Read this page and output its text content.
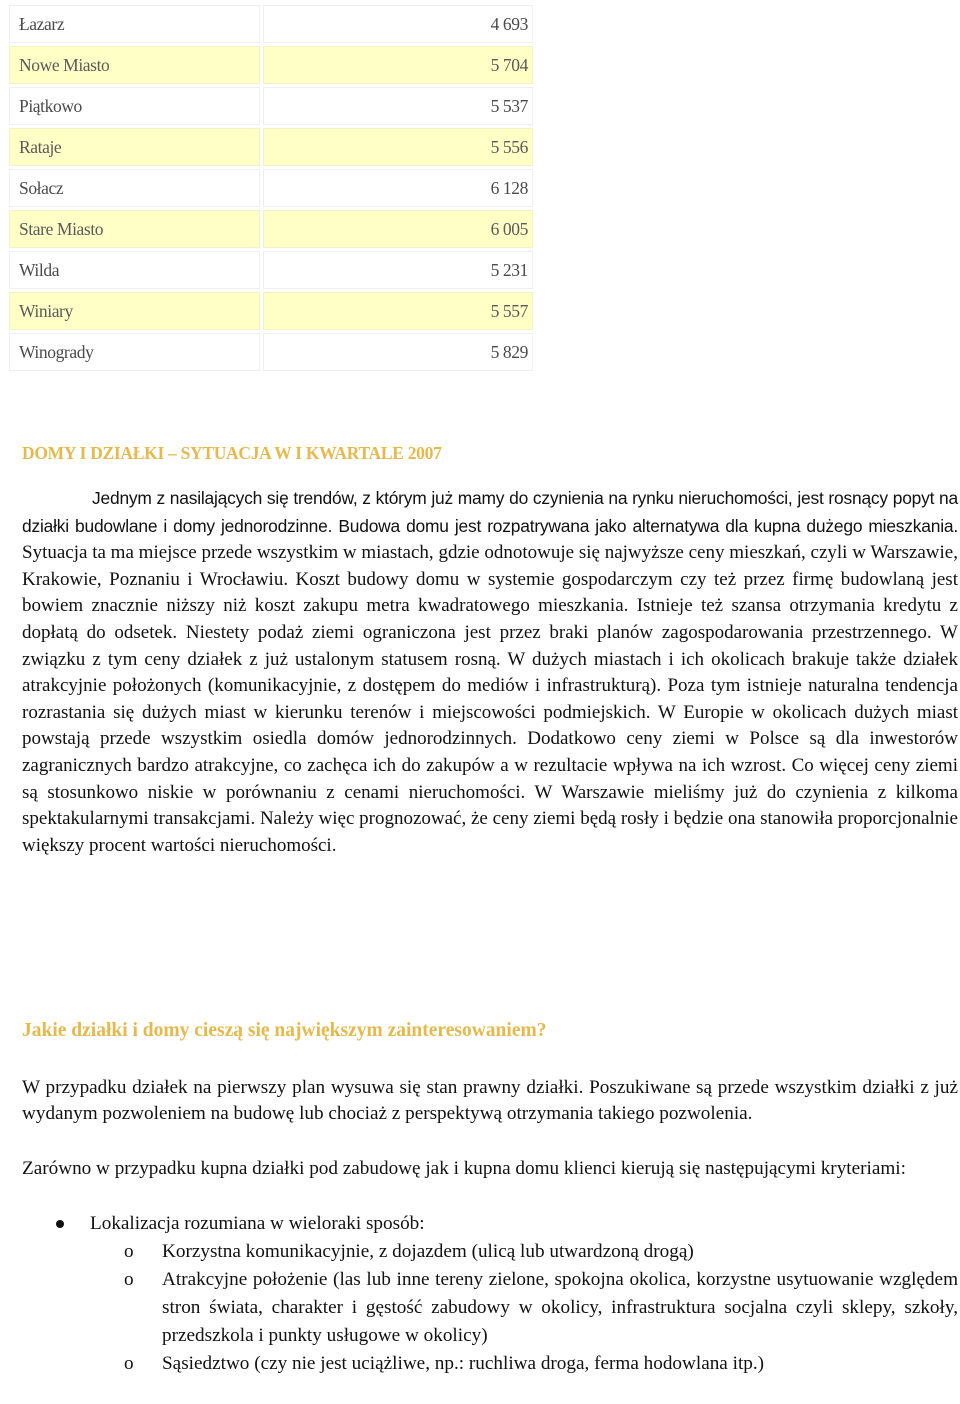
Łazarz	4 693
Nowe Miasto	5 704
Piątkowo	5 537
Rataje	5 556
Sołacz	6 128
Stare Miasto	6 005
Wilda	5 231
Winiary	5 557
Winogrady	5 829
DOMY I DZIAŁKI – SYTUACJA W I KWARTALE 2007

Jednym z nasilających się trendów, z którym już mamy do czynienia na rynku nieruchomości, jest rosnący popyt na działki budowlane i domy jednorodzinne. Budowa domu jest rozpatrywana jako alternatywa dla kupna dużego mieszkania. Sytuacja ta ma miejsce przede wszystkim w miastach, gdzie odnotowuje się najwyższe ceny mieszkań, czyli w Warszawie, Krakowie, Poznaniu i Wrocławiu. Koszt budowy domu w systemie gospodarczym czy też przez firmę budowlaną jest bowiem znacznie niższy niż koszt zakupu metra kwadratowego mieszkania. Istnieje też szansa otrzymania kredytu z dopłatą do odsetek. Niestety podaż ziemi ograniczona jest przez braki planów zagospodarowania przestrzennego. W związku z tym ceny działek z już ustalonym statusem rosną. W dużych miastach i ich okolicach brakuje także działek atrakcyjnie położonych (komunikacyjnie, z dostępem do mediów i infrastrukturą). Poza tym istnieje naturalna tendencja rozrastania się dużych miast w kierunku terenów i miejscowości podmiejskich. W Europie w okolicach dużych miast powstają przede wszystkim osiedla domów jednorodzinnych. Dodatkowo ceny ziemi w Polsce są dla inwestorów zagranicznych bardzo atrakcyjne, co zachęca ich do zakupów a w rezultacie wpływa na ich wzrost. Co więcej ceny ziemi są stosunkowo niskie w porównaniu z cenami nieruchomości. W Warszawie mieliśmy już do czynienia z kilkoma spektakularnymi transakcjami. Należy więc prognozować, że ceny ziemi będą rosły i będzie ona stanowiła proporcjonalnie większy procent wartości nieruchomości.

Jakie działki i domy cieszą się największym zainteresowaniem?

W przypadku działek na pierwszy plan wysuwa się stan prawny działki. Poszukiwane są przede wszystkim działki z już wydanym pozwoleniem na budowę lub chociaż z perspektywą otrzymania takiego pozwolenia.

Zarówno w przypadku kupna działki pod zabudowę jak i kupna domu klienci kierują się następującymi kryteriami:

Lokalizacja rozumiana w wieloraki sposób:
o Korzystna komunikacyjnie, z dojazdem (ulicą lub utwardzoną drogą)
o Atrakcyjne położenie (las lub inne tereny zielone, spokojna okolica, korzystne usytuowanie względem stron świata, charakter i gęstość zabudowy w okolicy, infrastruktura socjalna czyli sklepy, szkoły, przedszkola i punkty usługowe w okolicy)
o Sąsiedztwo (czy nie jest uciążliwe, np.: ruchliwa droga, ferma hodowlana itp.)
